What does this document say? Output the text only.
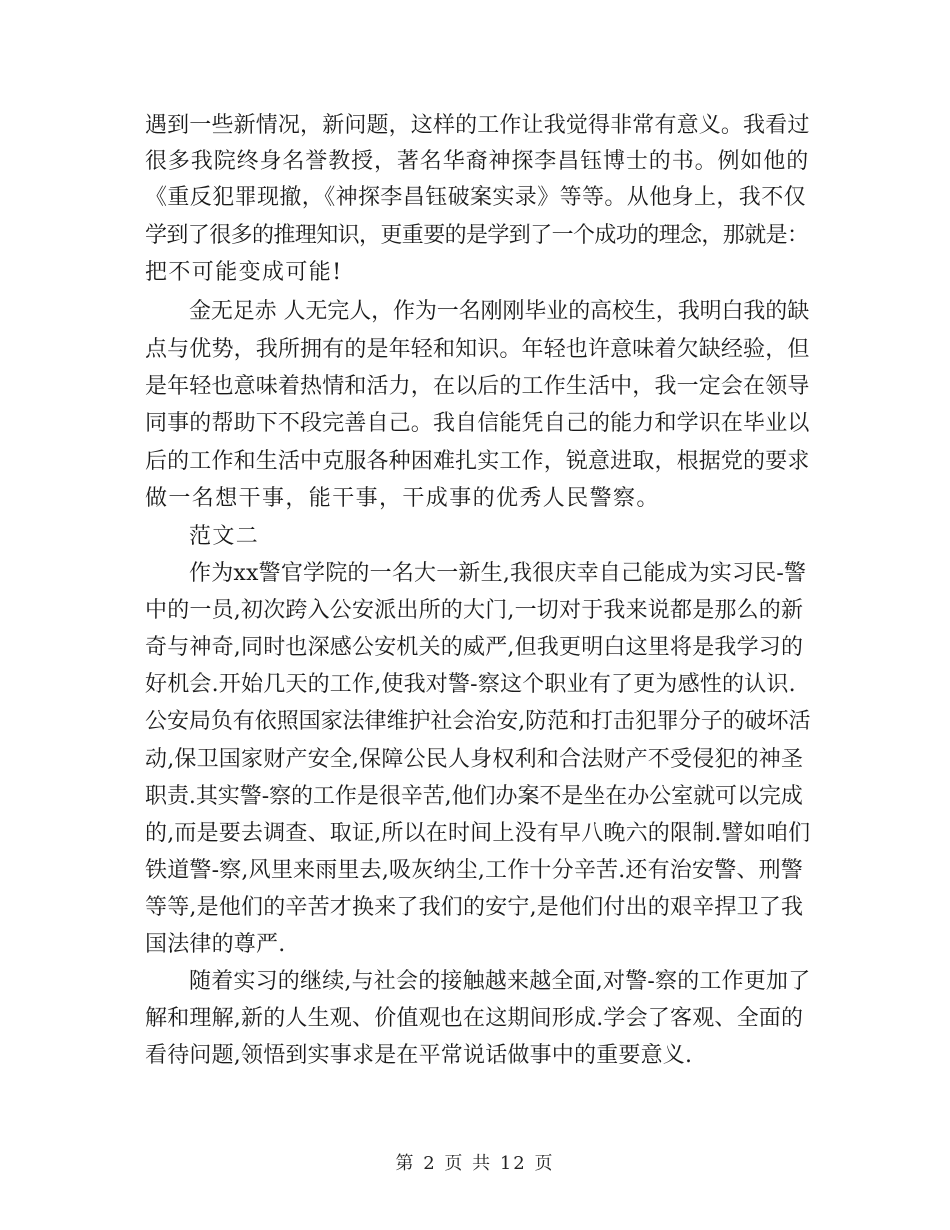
遇到一些新情况，新问题，这样的工作让我觉得非常有意义。我看过
很多我院终身名誉教授，著名华裔神探李昌钰博士的书。例如他的
《重反犯罪现撤，《神探李昌钰破案实录》等等。从他身上，我不仅
学到了很多的推理知识，更重要的是学到了一个成功的理念，那就是：
把不可能变成可能!
金无足赤 人无完人，作为一名刚刚毕业的高校生，我明白我的缺
点与优势，我所拥有的是年轻和知识。年轻也许意味着欠缺经验，但
是年轻也意味着热情和活力，在以后的工作生活中，我一定会在领导
同事的帮助下不段完善自己。我自信能凭自己的能力和学识在毕业以
后的工作和生活中克服各种困难扎实工作，锐意进取，根据党的要求
做一名想干事，能干事，干成事的优秀人民警察。
范文二
作为xx警官学院的一名大一新生,我很庆幸自己能成为实习民-警
中的一员,初次跨入公安派出所的大门,一切对于我来说都是那么的新
奇与神奇,同时也深感公安机关的威严,但我更明白这里将是我学习的
好机会.开始几天的工作,使我对警-察这个职业有了更为感性的认识.
公安局负有依照国家法律维护社会治安,防范和打击犯罪分子的破坏活
动,保卫国家财产安全,保障公民人身权利和合法财产不受侵犯的神圣
职责.其实警-察的工作是很辛苦,他们办案不是坐在办公室就可以完成
的,而是要去调查、取证,所以在时间上没有早八晚六的限制.譬如咱们
铁道警-察,风里来雨里去,吸灰纳尘,工作十分辛苦.还有治安警、刑警
等等,是他们的辛苦才换来了我们的安宁,是他们付出的艰辛捍卫了我
国法律的尊严.
随着实习的继续,与社会的接触越来越全面,对警-察的工作更加了
解和理解,新的人生观、价值观也在这期间形成.学会了客观、全面的
看待问题,领悟到实事求是在平常说话做事中的重要意义.
第 2 页 共 12 页
